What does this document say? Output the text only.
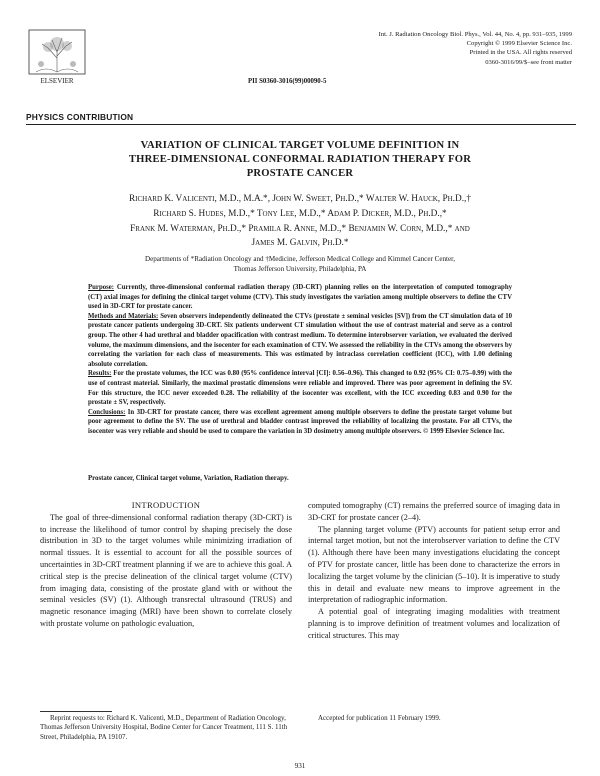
ELSEVIER
Int. J. Radiation Oncology Biol. Phys., Vol. 44, No. 4, pp. 931–935, 1999
Copyright © 1999 Elsevier Science Inc.
Printed in the USA. All rights reserved
0360-3016/99/$–see front matter
PII S0360-3016(99)00090-5
PHYSICS CONTRIBUTION
VARIATION OF CLINICAL TARGET VOLUME DEFINITION IN
THREE-DIMENSIONAL CONFORMAL RADIATION THERAPY FOR
PROSTATE CANCER
Richard K. Valicenti, M.D., M.A.*, John W. Sweet, Ph.D.,* Walter W. Hauck, Ph.D.,†
Richard S. Hudes, M.D.,* Tony Lee, M.D.,* Adam P. Dicker, M.D., Ph.D.,*
Frank M. Waterman, Ph.D.,* Pramila R. Anne, M.D.,* Benjamin W. Corn, M.D.,* and
James M. Galvin, Ph.D.*
Departments of *Radiation Oncology and †Medicine, Jefferson Medical College and Kimmel Cancer Center,
Thomas Jefferson University, Philadelphia, PA

Purpose: Currently, three-dimensional conformal radiation therapy (3D-CRT) planning relies on the interpretation of computed tomography (CT) axial images for defining the clinical target volume (CTV). This study investigates the variation among multiple observers to define the CTV used in 3D-CRT for prostate cancer.

Methods and Materials: Seven observers independently delineated the CTVs (prostate ± seminal vesicles [SV]) from the CT simulation data of 10 prostate cancer patients undergoing 3D-CRT. Six patients underwent CT simulation without the use of contrast material and serve as a control group. The other 4 had urethral and bladder opacification with contrast medium. To determine interobserver variation, we evaluated the derived volume, the maximum dimensions, and the isocenter for each examination of CTV. We assessed the reliability in the CTVs among the observers by correlating the variation for each class of measurements. This was estimated by intraclass correlation coefficient (ICC), with 1.00 defining absolute correlation.

Results: For the prostate volumes, the ICC was 0.80 (95% confidence interval [CI]: 0.56–0.96). This changed to 0.92 (95% CI: 0.75–0.99) with the use of contrast material. Similarly, the maximal prostatic dimensions were reliable and improved. There was poor agreement in defining the SV. For this structure, the ICC never exceeded 0.28. The reliability of the isocenter was excellent, with the ICC exceeding 0.83 and 0.90 for the prostate ± SV, respectively.

Conclusions: In 3D-CRT for prostate cancer, there was excellent agreement among multiple observers to define the prostate target volume but poor agreement to define the SV. The use of urethral and bladder contrast improved the reliability of localizing the prostate. For all CTVs, the isocenter was very reliable and should be used to compare the variation in 3D dosimetry among multiple observers. © 1999 Elsevier Science Inc.

Prostate cancer, Clinical target volume, Variation, Radiation therapy.

INTRODUCTION

The goal of three-dimensional conformal radiation therapy (3D-CRT) is to increase the likelihood of tumor control by shaping precisely the dose distribution in 3D to the target volumes while minimizing irradiation of normal tissues. It is essential to account for all the possible sources of uncertainties in 3D-CRT treatment planning if we are to achieve this goal. A critical step is the precise delineation of the clinical target volume (CTV) from imaging data, consisting of the prostate gland with or without the seminal vesicles (SV) (1). Although transrectal ultrasound (TRUS) and magnetic resonance imaging (MRI) have been shown to correlate closely with prostate volume on pathologic evaluation,

computed tomography (CT) remains the preferred source of imaging data in 3D-CRT for prostate cancer (2–4).

The planning target volume (PTV) accounts for patient setup error and internal target motion, but not the interobserver variation to define the CTV (1). Although there have been many investigations elucidating the concept of PTV for prostate cancer, little has been done to characterize the errors in localizing the target volume by the clinician (5–10). It is imperative to study this in detail and evaluate new means to improve agreement in the interpretation of radiographic information.

A potential goal of integrating imaging modalities with treatment planning is to improve definition of treatment volumes and localization of critical structures. This may

Reprint requests to: Richard K. Valicenti, M.D., Department of Radiation Oncology, Thomas Jefferson University Hospital, Bodine Center for Cancer Treatment, 111 S. 11th Street, Philadelphia, PA 19107.

Accepted for publication 11 February 1999.
931
